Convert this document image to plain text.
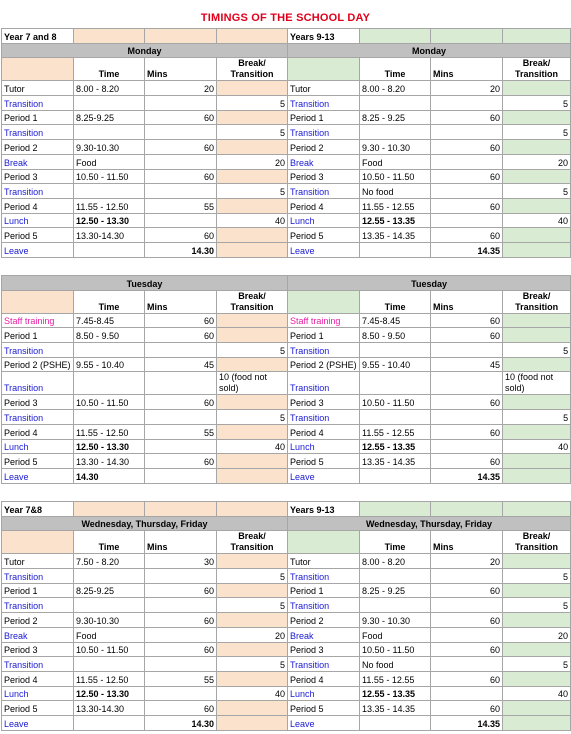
TIMINGS OF THE SCHOOL DAY
Year 7 and 8				Years 9-13			
Monday				Monday			
	Time	Mins	Break/ Transition		Time	Mins	Break/ Transition
Tutor	8.00 - 8.20	20		Tutor	8.00 - 8.20	20	
Transition			5	Transition			5
Period 1	8.25-9.25	60		Period 1	8.25 - 9.25	60	
Transition			5	Transition			5
Period 2	9.30-10.30	60		Period 2	9.30 - 10.30	60	
Break	Food		20	Break	Food		20
Period 3	10.50 - 11.50	60		Period 3	10.50 - 11.50	60	
Transition			5	Transition	No food		5
Period 4	11.55 - 12.50	55		Period 4	11.55 - 12.55	60	
Lunch	12.50 - 13.30		40	Lunch	12.55 - 13.35		40
Period 5	13.30-14.30	60		Period 5	13.35 - 14.35	60	
Leave		14.30		Leave		14.35	
Tuesday				Tuesday			
	Time	Mins	Break/ Transition		Time	Mins	Break/ Transition
Staff training	7.45-8.45	60		Staff training	7.45-8.45	60	
Period 1	8.50 - 9.50	60		Period 1	8.50 - 9.50	60	
Transition			5	Transition			5
Period 2 (PSHE)	9.55 - 10.40	45		Period 2 (PSHE)	9.55 - 10.40	45	
Transition			10 (food not sold)	Transition			10 (food not sold)
Period 3	10.50 - 11.50	60		Period 3	10.50 - 11.50	60	
Transition			5	Transition			5
Period 4	11.55 - 12.50	55		Period 4	11.55 - 12.55	60	
Lunch	12.50 - 13.30		40	Lunch	12.55 - 13.35		40
Period 5	13.30 - 14.30	60		Period 5	13.35 - 14.35	60	
Leave	14.30			Leave		14.35	
Year 7&8				Years 9-13			
Wednesday, Thursday, Friday				Wednesday, Thursday, Friday			
	Time	Mins	Break/ Transition		Time	Mins	Break/ Transition
Tutor	7.50 - 8.20	30		Tutor	8.00 - 8.20	20	
Transition			5	Transition			5
Period 1	8.25-9.25	60		Period 1	8.25 - 9.25	60	
Transition			5	Transition			5
Period 2	9.30-10.30	60		Period 2	9.30 - 10.30	60	
Break	Food		20	Break	Food		20
Period 3	10.50 - 11.50	60		Period 3	10.50 - 11.50	60	
Transition			5	Transition	No food		5
Period 4	11.55 - 12.50	55		Period 4	11.55 - 12.55	60	
Lunch	12.50 - 13.30		40	Lunch	12.55 - 13.35		40
Period 5	13.30-14.30	60		Period 5	13.35 - 14.35	60	
Leave		14.30		Leave		14.35	
